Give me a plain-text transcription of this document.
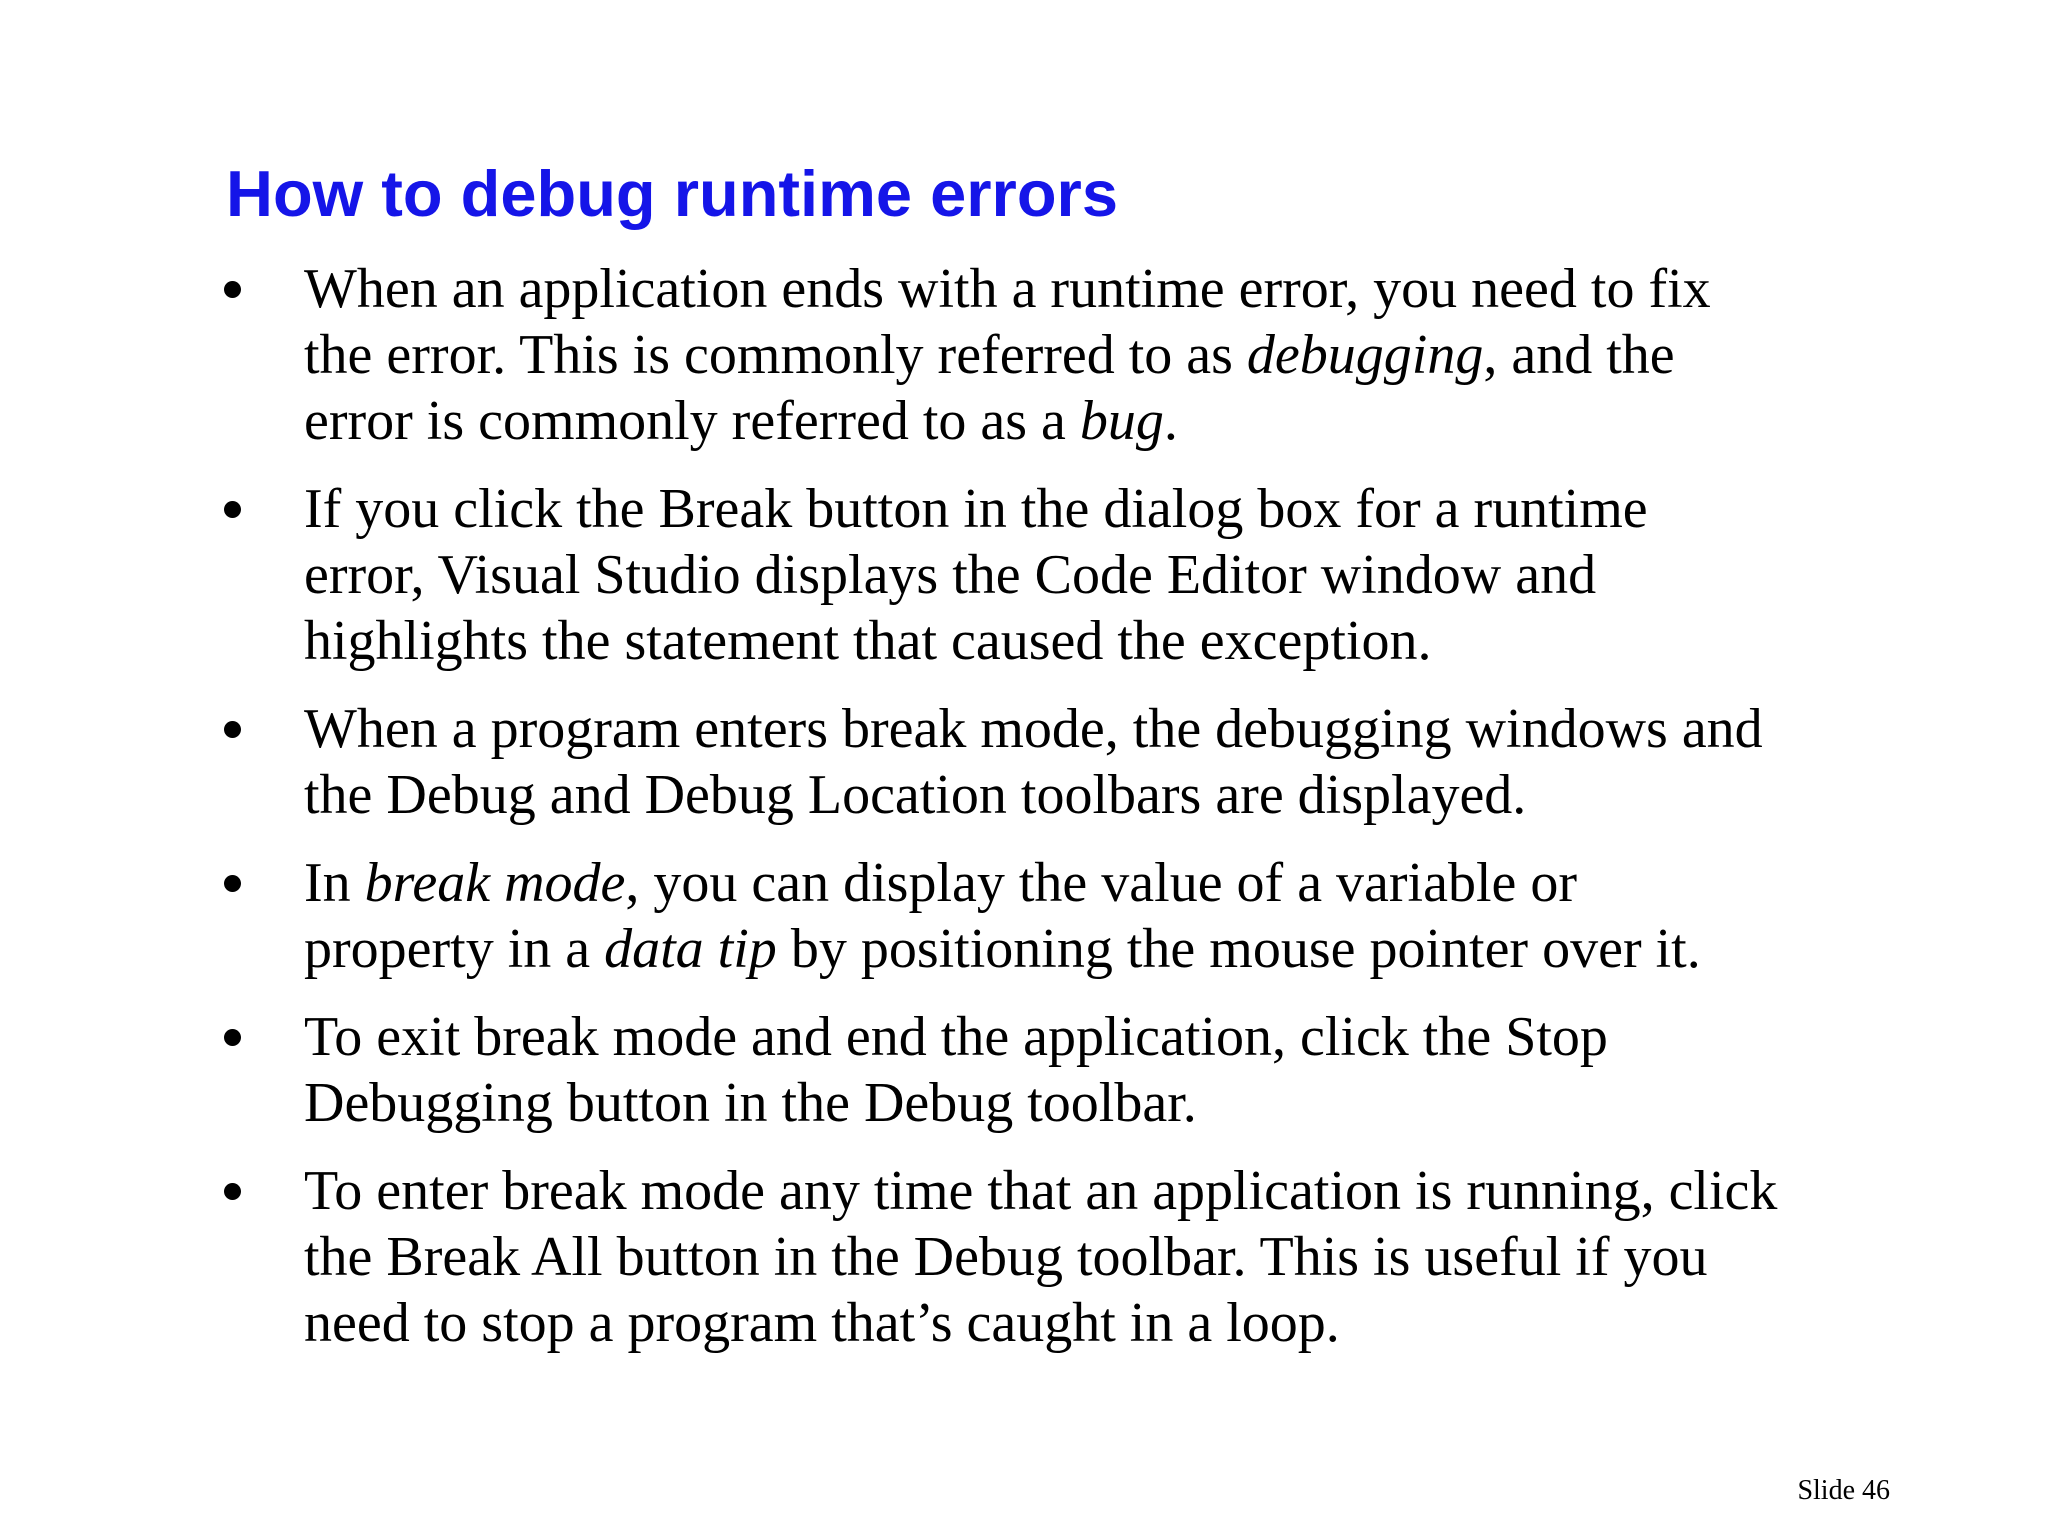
How to debug runtime errors
When an application ends with a runtime error, you need to fix the error. This is commonly referred to as debugging, and the error is commonly referred to as a bug.
If you click the Break button in the dialog box for a runtime error, Visual Studio displays the Code Editor window and highlights the statement that caused the exception.
When a program enters break mode, the debugging windows and the Debug and Debug Location toolbars are displayed.
In break mode, you can display the value of a variable or property in a data tip by positioning the mouse pointer over it.
To exit break mode and end the application, click the Stop Debugging button in the Debug toolbar.
To enter break mode any time that an application is running, click the Break All button in the Debug toolbar. This is useful if you need to stop a program that’s caught in a loop.
Slide 46
